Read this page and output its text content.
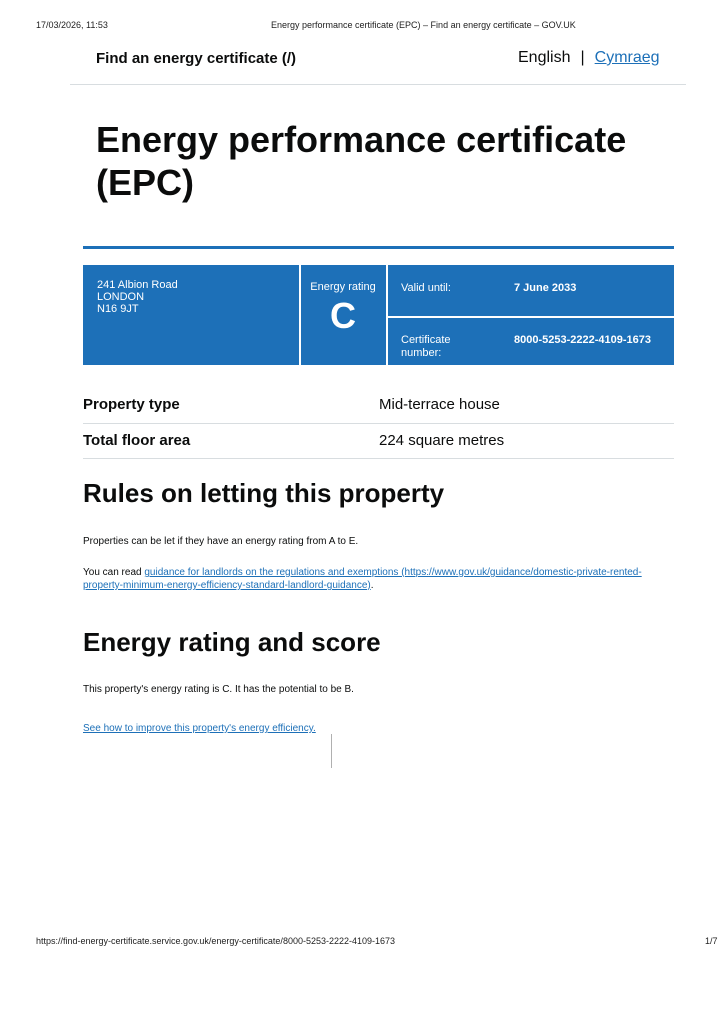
17/03/2026, 11:53	Energy performance certificate (EPC) – Find an energy certificate – GOV.UK
Find an energy certificate (/)	English | Cymraeg
Energy performance certificate (EPC)
241 Albion Road
LONDON
N16 9JT
Energy rating
C
Valid until:	7 June 2033
Certificate number:
8000-5253-2222-4109-1673
Property type	Mid-terrace house
Total floor area	224 square metres
Rules on letting this property
Properties can be let if they have an energy rating from A to E.
You can read guidance for landlords on the regulations and exemptions (https://www.gov.uk/guidance/domestic-private-rented-property-minimum-energy-efficiency-standard-landlord-guidance).
Energy rating and score
This property's energy rating is C. It has the potential to be B.
See how to improve this property's energy efficiency.
https://find-energy-certificate.service.gov.uk/energy-certificate/8000-5253-2222-4109-1673	1/7
